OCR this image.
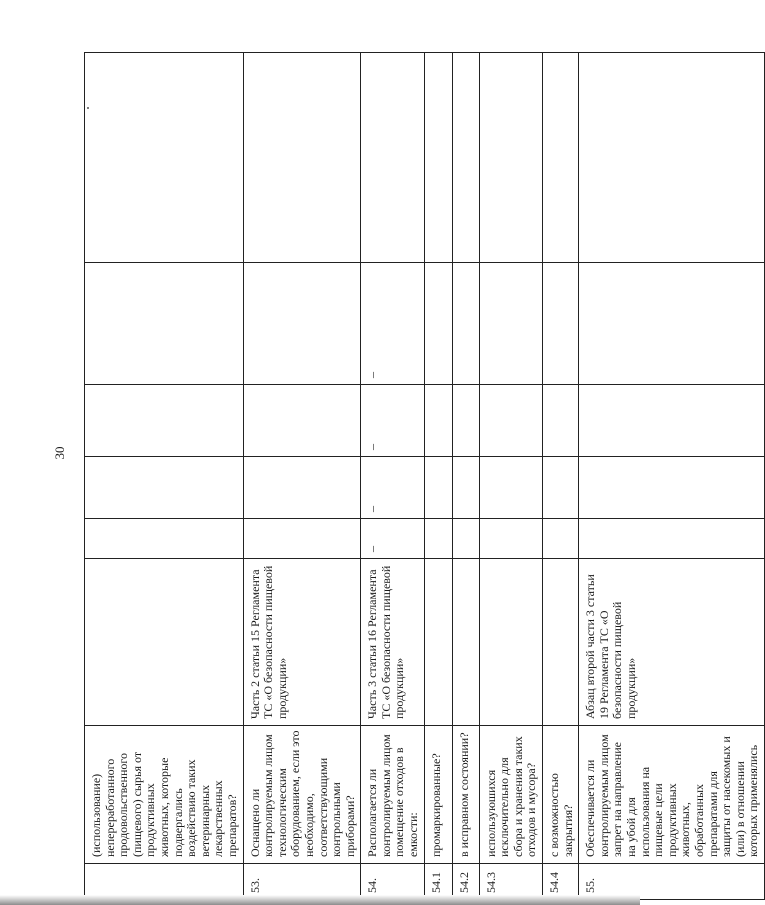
30
	(использование) непереработанного продовольственного (пищевого) сырья от продуктивных животных, которые подвергались воздействию таких ветеринарных лекарственных препаратов?						
53.	Оснащено ли контролируемым лицом технологическим оборудованием, если это необходимо, соответствующими контрольными приборами?	Часть 2 статьи 15 Регламента ТС «О безопасности пищевой продукции»					
54.	Располагается ли контролируемым лицом помещение отходов в емкости:	Часть 3 статьи 16 Регламента ТС «О безопасности пищевой продукции»	–	–	–	–	
54.1	промаркированные?						
54.2	в исправном состоянии?						
54.3	используюшихся исключительно для сбора и хранения таких отходов и мусора?						
54.4	с возможностью закрытия?						
55.	Обеспечивается ли контролируемым лицом запрет на направление на убой для использования на пищевые цели продуктивных животных, обработанных препаратами для защиты от насекомых и (или) в отношении которых применялись	Абзац второй части 3 статьи 19 Регламента ТС «О безопасности пищевой продукции»					
